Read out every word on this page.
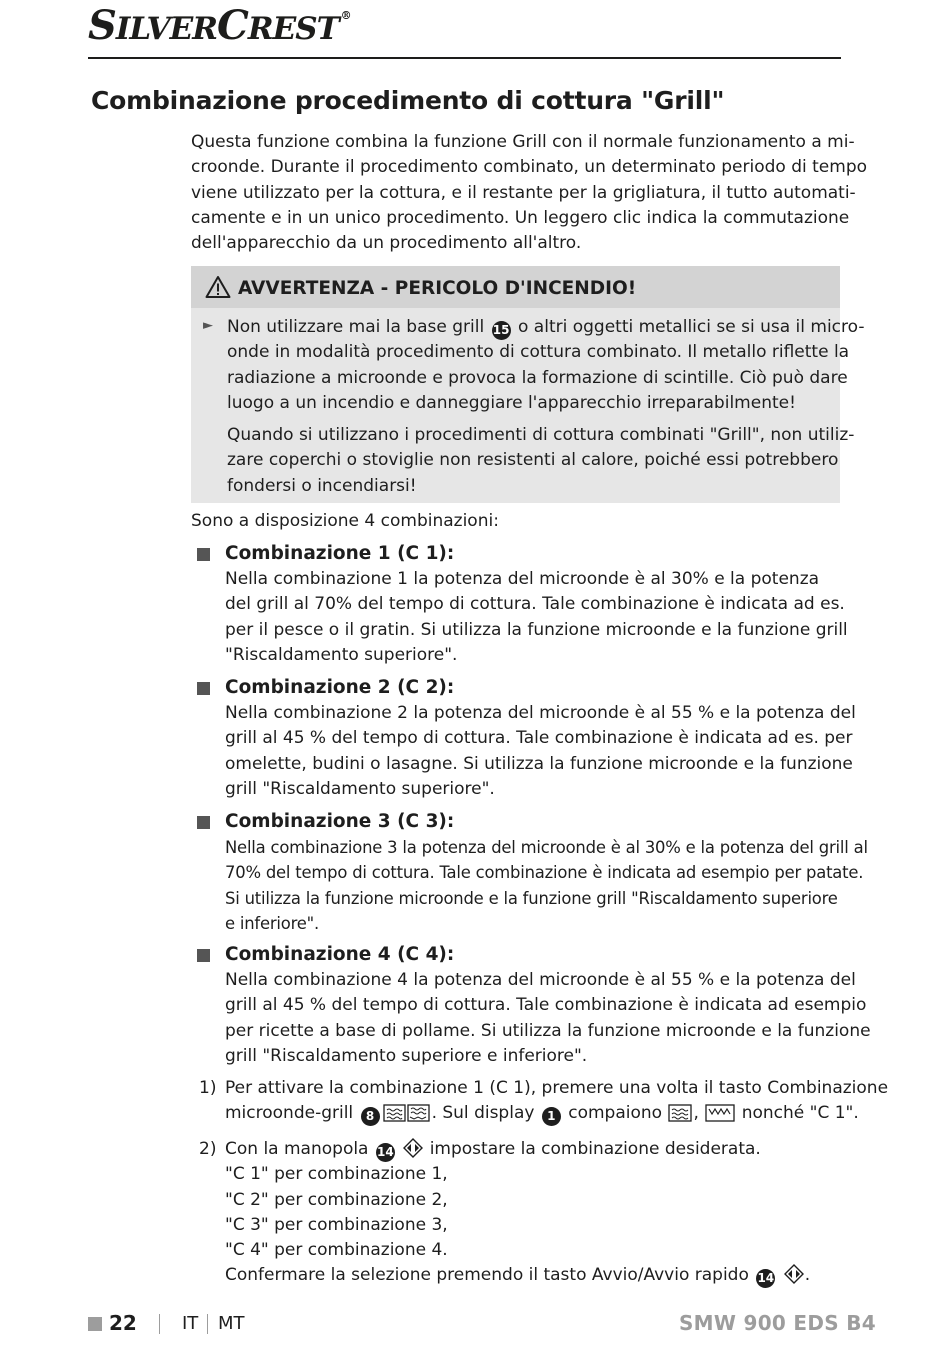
SILVERCREST ®
Combinazione procedimento di cottura "Grill"
Questa funzione combina la funzione Grill con il normale funzionamento a mi-
croonde. Durante il procedimento combinato, un determinato periodo di tempo
viene utilizzato per la cottura, e il restante per la grigliatura, il tutto automati-
camente e in un unico procedimento. Un leggero clic indica la commutazione
dell'apparecchio da un procedimento all'altro.
AVVERTENZA - PERICOLO D'INCENDIO!
► Non utilizzare mai la base grill 15 o altri oggetti metallici se si usa il micro-
onde in modalità procedimento di cottura combinato. Il metallo riflette la
radiazione a microonde e provoca la formazione di scintille. Ciò può dare
luogo a un incendio e danneggiare l'apparecchio irreparabilmente!
Quando si utilizzano i procedimenti di cottura combinati "Grill", non utiliz-
zare coperchi o stoviglie non resistenti al calore, poiché essi potrebbero
fondersi o incendiarsi!
Sono a disposizione 4 combinazioni:
Combinazione 1 (C 1):
Nella combinazione 1 la potenza del microonde è al 30% e la potenza
del grill al 70% del tempo di cottura. Tale combinazione è indicata ad es.
per il pesce o il gratin. Si utilizza la funzione microonde e la funzione grill
"Riscaldamento superiore".
Combinazione 2 (C 2):
Nella combinazione 2 la potenza del microonde è al 55 % e la potenza del
grill al 45 % del tempo di cottura. Tale combinazione è indicata ad es. per
omelette, budini o lasagne. Si utilizza la funzione microonde e la funzione
grill "Riscaldamento superiore".
Combinazione 3 (C 3):
Nella combinazione 3 la potenza del microonde è al 30% e la potenza del grill al
70% del tempo di cottura. Tale combinazione è indicata ad esempio per patate.
Si utilizza la funzione microonde e la funzione grill "Riscaldamento superiore
e inferiore".
Combinazione 4 (C 4):
Nella combinazione 4 la potenza del microonde è al 55 % e la potenza del
grill al 45 % del tempo di cottura. Tale combinazione è indicata ad esempio
per ricette a base di pollame. Si utilizza la funzione microonde e la funzione
grill "Riscaldamento superiore e inferiore".
1) Per attivare la combinazione 1 (C 1), premere una volta il tasto Combinazione
microonde-grill 8	. Sul display 1 compaiono ,	nonché "C 1".
2) Con la manopola 14 impostare la combinazione desiderata.
"C 1" per combinazione 1,
"C 2" per combinazione 2,
"C 3" per combinazione 3,
"C 4" per combinazione 4.
Confermare la selezione premendo il tasto Avvio/Avvio rapido 14 .
22	IT MT	SMW 900 EDS B4
